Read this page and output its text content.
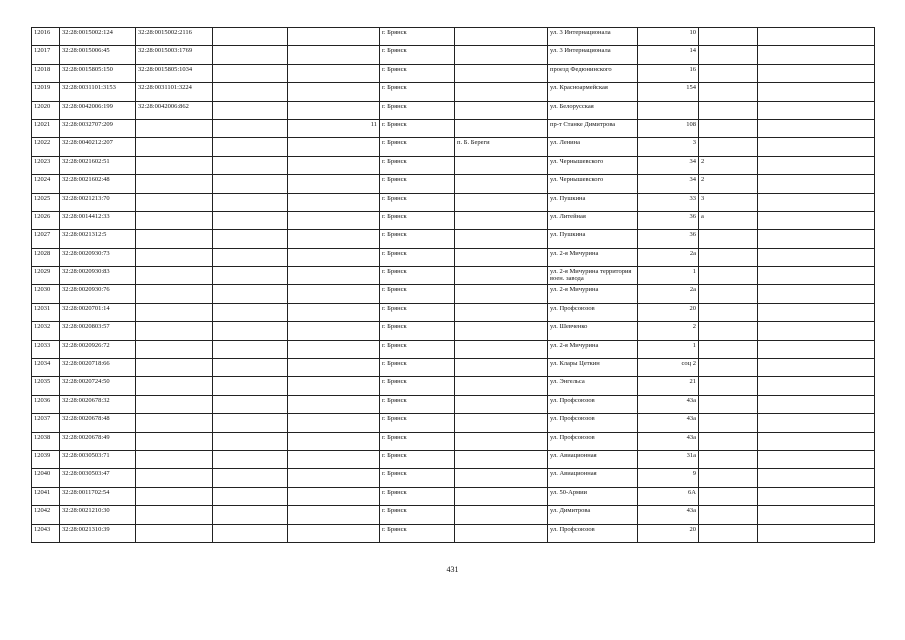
12016	32:28:0015002:124	32:28:0015002:2116			г. Брянск		ул. 3 Интернационала	10		
12017	32:28:0015006:45	32:28:0015003:1769			г. Брянск		ул. 3 Интернационала	14		
12018	32:28:0015805:150	32:28:0015805:1034			г. Брянск		проезд Федюнинского	16		
12019	32:28:0031101:3153	32:28:0031101:3224			г. Брянск		ул. Красноармейская	154		
12020	32:28:0042006:199	32:28:0042006:862			г. Брянск		ул. Белорусская			
12021	32:28:0032707:209			11	г. Брянск		пр-т Станке Димитрова	108		
12022	32:28:0040212:207				г. Брянск	п. Б. Береги	ул. Ленина	3		
12023	32:28:0021602:51				г. Брянск		ул. Чернышевского	34	2	
12024	32:28:0021602:48				г. Брянск		ул. Чернышевского	34	2	
12025	32:28:0021213:70				г. Брянск		ул. Пушкина	33	3	
12026	32:28:0014412:33				г. Брянск		ул. Литейная	36	а	
12027	32:28:0021312:5				г. Брянск		ул. Пушкина	36		
12028	32:28:0020930:73				г. Брянск		ул. 2-я Мичурина	2а		
12029	32:28:0020930:83				г. Брянск		ул. 2-я Мичурина территория воен. завода	1		
12030	32:28:0020930:76				г. Брянск		ул. 2-я Мичурина	2а		
12031	32:28:0020701:14				г. Брянск		ул. Профсоюзов	20		
12032	32:28:0020803:57				г. Брянск		ул. Шевченко	2		
12033	32:28:0020926:72				г. Брянск		ул. 2-я Мичурина	1		
12034	32:28:0020718:66				г. Брянск		ул. Клары Цеткин	соц 2		
12035	32:28:0020724:50				г. Брянск		ул. Энгельса	21		
12036	32:28:0020678:32				г. Брянск		ул. Профсоюзов	43а		
12037	32:28:0020678:48				г. Брянск		ул. Профсоюзов	43а		
12038	32:28:0020678:49				г. Брянск		ул. Профсоюзов	43а		
12039	32:28:0030503:71				г. Брянск		ул. Авиационная	31а		
12040	32:28:0030503:47				г. Брянск		ул. Авиационная	9		
12041	32:28:0011702:54				г. Брянск		ул. 50-Армии	6А		
12042	32:28:0021210:30				г. Брянск		ул. Димитрова	43а		
12043	32:28:0021310:39				г. Брянск		ул. Профсоюзов	20		
431
